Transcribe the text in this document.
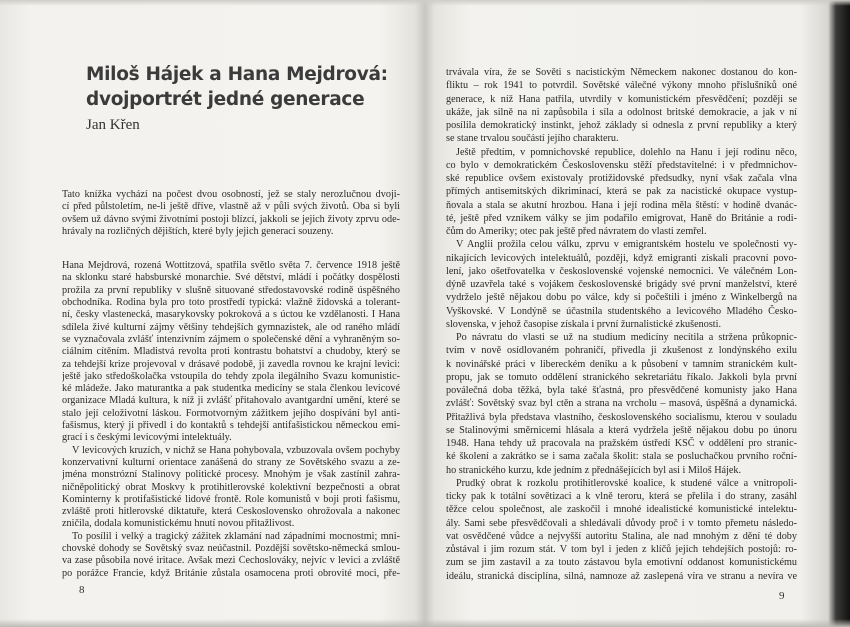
Miloš Hájek a Hana Mejdrová:
dvojportrét jedné generace
Jan Křen
Tato knížka vychází na počest dvou osobností, jež se staly nerozlučnou dvoji-
cí před půlstoletím, ne-li ještě dříve, vlastně až v půli svých životů. Oba si byli
ovšem už dávno svými životními postoji blízcí, jakkoli se jejich životy zprvu ode-
hrávaly na rozličných dějištích, které byly jejich generaci souzeny.
Hana Mejdrová, rozená Wottitzová, spatřila světlo světa 7. července 1918 ještě
na sklonku staré habsburské monarchie. Své dětství, mládí i počátky dospělosti
prožila za první republiky v slušně situované středostavovské rodině úspěšného
obchodníka. Rodina byla pro toto prostředí typická: vlažně židovská a tolerant-
ní, česky vlastenecká, masarykovsky pokroková a s úctou ke vzdělanosti. I Hana
sdílela živé kulturní zájmy většiny tehdejších gymnazistek, ale od raného mládí
se vyznačovala zvlášť intenzivním zájmem o společenské dění a vyhraněným so-
ciálním cítěním. Mladistvá revolta proti kontrastu bohatství a chudoby, který se
za tehdejší krize projevoval v drásavé podobě, ji zavedla rovnou ke krajní levici:
ještě jako středoškolačka vstoupila do tehdy zpola ilegálního Svazu komunistic-
ké mládeže. Jako maturantka a pak studentka medicíny se stala členkou levicové
organizace Mladá kultura, k níž ji zvlášť přitahovalo avantgardní umění, které se
stalo její celoživotní láskou. Formotvorným zážitkem jejího dospívání byl anti-
fašismus, který ji přivedl i do kontaktů s tehdejší antifašistickou německou emi-
grací i s českými levicovými intelektuály.
V levicových kruzích, v nichž se Hana pohybovala, vzbuzovala ovšem pochyby
konzervativní kulturní orientace zanášená do strany ze Sovětského svazu a ze-
jména monstrózní Stalinovy politické procesy. Mnohým je však zastínil zahra-
ničněpolitický obrat Moskvy k protihitlerovské kolektivní bezpečnosti a obrat
Kominterny k protifašistické lidové frontě. Role komunistů v boji proti fašismu,
zvláště proti hitlerovské diktatuře, která Československo ohrožovala a nakonec
zničila, dodala komunistickému hnutí novou přitažlivost.
To posílil i velký a tragický zážitek zklamání nad západními mocnostmi; mni-
chovské dohody se Sovětský svaz neúčastnil. Pozdější sovětsko-německá smlou-
va zase působila nové iritace. Avšak mezi Čechoslováky, nejvíc v levici a zvláště
po porážce Francie, když Británie zůstala osamocena proti obrovité moci, pře-
trvávala víra, že se Sověti s nacistickým Německem nakonec dostanou do kon-
fliktu – rok 1941 to potvrdil. Sovětské válečné výkony mnoho příslušníků oné
generace, k níž Hana patřila, utvrdily v komunistickém přesvědčení; později se
ukáže, jak silně na ni zapůsobila i síla a odolnost britské demokracie, a jak v ní
posílila demokratický instinkt, jehož základy si odnesla z první republiky a který
se stane trvalou součástí jejího charakteru.
Ještě předtím, v pomnichovské republice, dolehlo na Hanu i její rodinu něco,
co bylo v demokratickém Československu stěží představitelné: i v předmnichov-
ské republice ovšem existovaly protižidovské předsudky, nyní však začala vlna
přímých antisemitských dikriminací, která se pak za nacistické okupace vystup-
ňovala a stala se akutní hrozbou. Hana i její rodina měla štěstí: v hodině dvanác-
té, ještě před vznikem války se jim podařilo emigrovat, Haně do Británie a rodi-
čům do Ameriky; otec pak ještě před návratem do vlasti zemřel.
V Anglii prožila celou válku, zprvu v emigrantském hostelu ve společnosti vy-
nikajících levicových intelektuálů, později, když emigranti získali pracovní povo-
lení, jako ošetřovatelka v československé vojenské nemocnici. Ve válečném Lon-
dýně uzavřela také s vojákem československé brigády své první manželství, které
vydrželo ještě nějakou dobu po válce, kdy si počeštili i jméno z Winkelbergů na
Vyškovské. V Londýně se účastnila studentského a levicového Mladého Česko-
slovenska, v jehož časopise získala i první žurnalistické zkušenosti.
Po návratu do vlasti se už na studium medicíny necítila a stržena průkopnic-
tvím v nově osídlovaném pohraničí, přivedla ji zkušenost z londýnského exilu
k novinářské práci v libereckém deníku a k působení v tamním stranickém kult-
propu, jak se tomuto oddělení stranického sekretariátu říkalo. Jakkoli byla první
poválečná doba těžká, byla také šťastná, pro přesvědčené komunisty jako Hana
zvlášť: Sovětský svaz byl ctěn a strana na vrcholu – masová, úspěšná a dynamická.
Přitažlivá byla představa vlastního, československého socialismu, kterou v souladu
se Stalinovými směrnicemi hlásala a která vydržela ještě nějakou dobu po únoru
1948. Hana tehdy už pracovala na pražském ústředí KSČ v oddělení pro stranic-
ké školení a zakrátko se i sama začala školit: stala se posluchačkou prvního roční-
ho stranického kurzu, kde jedním z přednášejících byl asi i Miloš Hájek.
Prudký obrat k rozkolu protihitlerovské koalice, k studené válce a vnitropoli-
ticky pak k totální sovětizaci a k vlně teroru, která se přelila i do strany, zasáhl
těžce celou společnost, ale zaskočil i mnohé idealistické komunistické intelektu-
ály. Sami sebe přesvědčovali a shledávali důvody proč i v tomto přemetu následo-
vat osvědčené vůdce a nejvyšší autoritu Stalina, ale nad mnohým z dění té doby
zůstával i jim rozum stát. V tom byl i jeden z klíčů jejich tehdejších postojů: ro-
zum se jim zastavil a za touto zástavou byla emotivní oddanost komunistickému
ideálu, stranická disciplína, silná, namnoze až zaslepená víra ve stranu a nevíra ve
8	9
